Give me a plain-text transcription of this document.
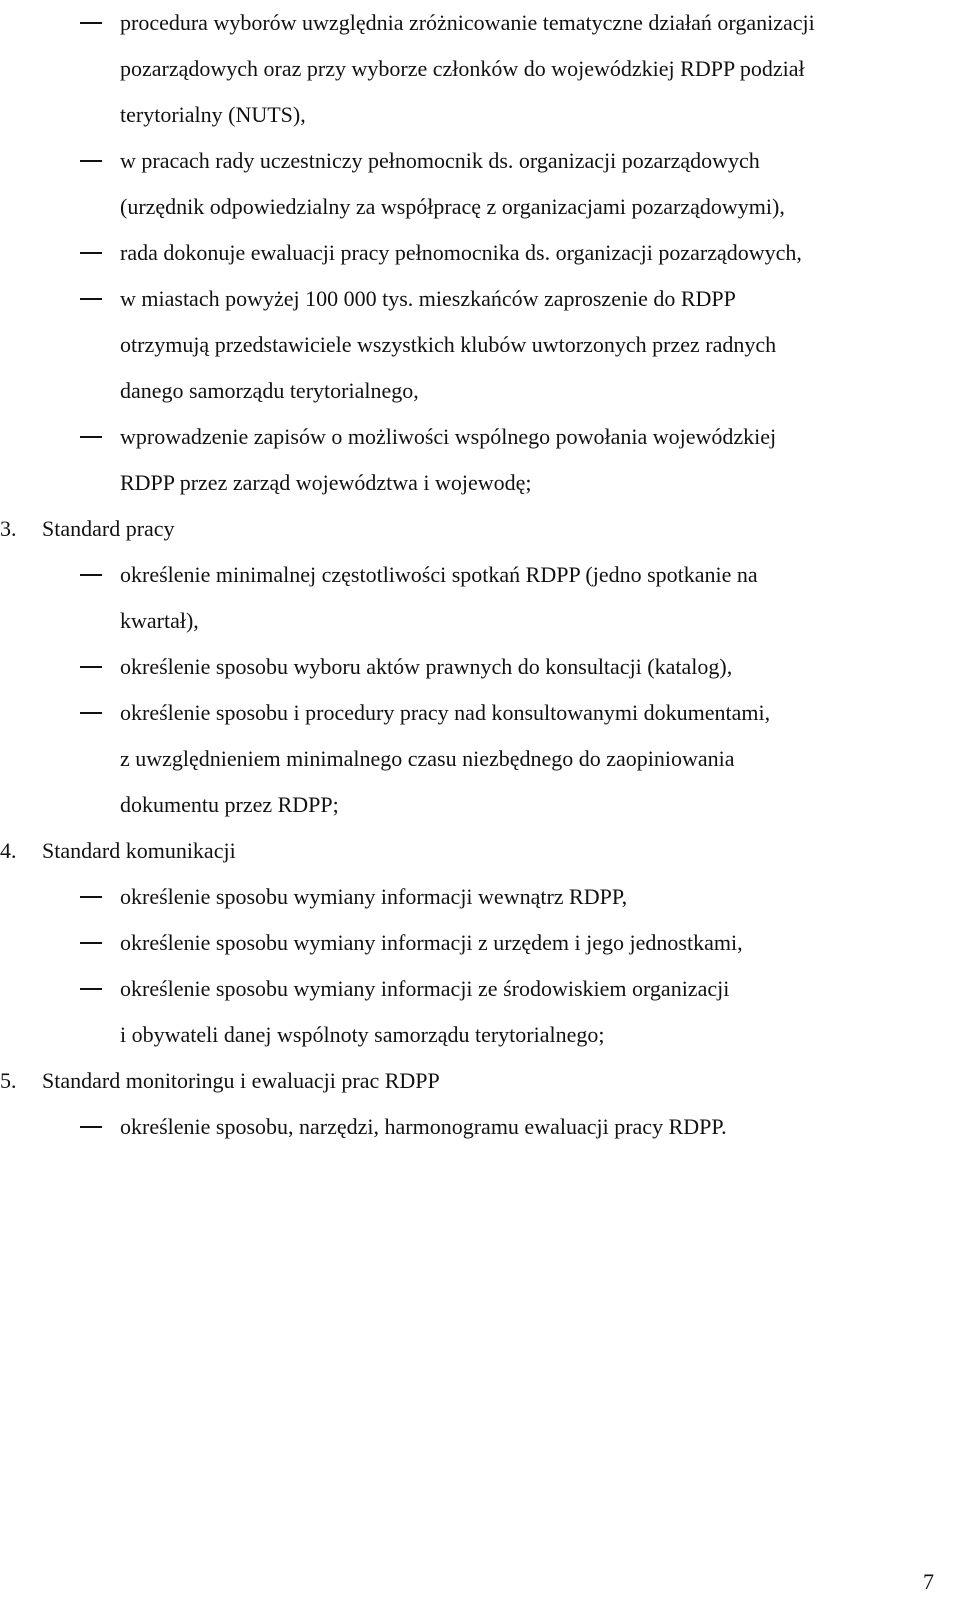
procedura wyborów uwzględnia zróżnicowanie tematyczne działań organizacji
pozarządowych oraz przy wyborze członków do wojewódzkiej RDPP podział
terytorialny (NUTS),
w pracach rady uczestniczy pełnomocnik ds. organizacji pozarządowych
(urzędnik odpowiedzialny za współpracę z organizacjami pozarządowymi),
rada dokonuje ewaluacji pracy pełnomocnika ds. organizacji pozarządowych,
w miastach powyżej 100 000 tys. mieszkańców zaproszenie do RDPP
otrzymują przedstawiciele wszystkich klubów uwtorzonych przez radnych
danego samorządu terytorialnego,
wprowadzenie zapisów o możliwości wspólnego powołania wojewódzkiej
RDPP przez zarząd województwa i wojewodę;
3. Standard pracy
określenie minimalnej częstotliwości spotkań RDPP (jedno spotkanie na
kwartał),
określenie sposobu wyboru aktów prawnych do konsultacji (katalog),
określenie sposobu i procedury pracy nad konsultowanymi dokumentami,
z uwzględnieniem minimalnego czasu niezbędnego do zaopiniowania
dokumentu przez RDPP;
4. Standard komunikacji
określenie sposobu wymiany informacji wewnątrz RDPP,
określenie sposobu wymiany informacji z urzędem i jego jednostkami,
określenie sposobu wymiany informacji ze środowiskiem organizacji
i obywateli danej wspólnoty samorządu terytorialnego;
5. Standard monitoringu i ewaluacji prac RDPP
określenie sposobu, narzędzi, harmonogramu ewaluacji pracy RDPP.
7
